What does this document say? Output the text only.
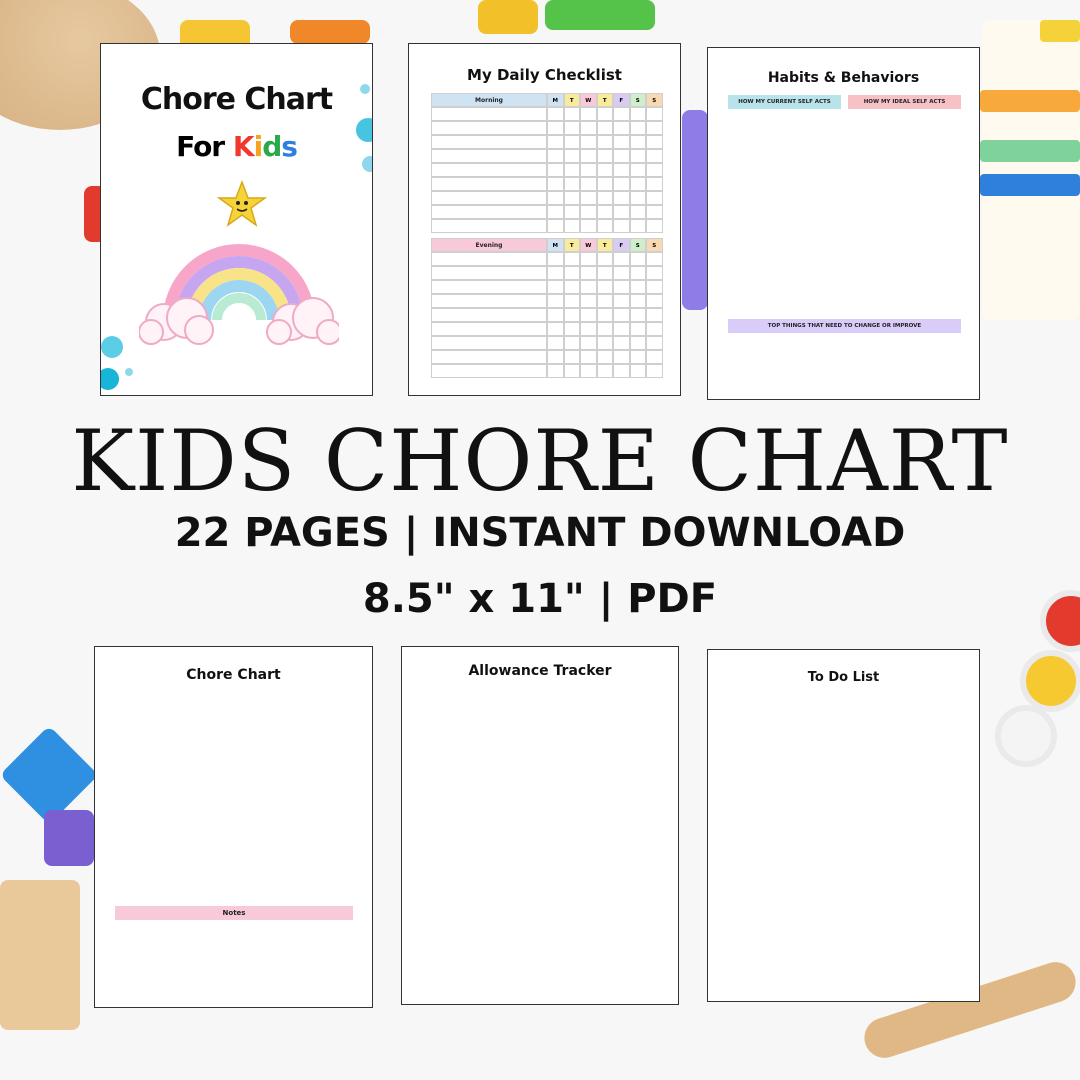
Chore Chart
For Kids
My Daily Checklist
Morning	M	T	W	T	F	S	S
Evening	M	T	W	T	F	S	S
Habits & Behaviors
HOW MY CURRENT SELF ACTS	HOW MY IDEAL SELF ACTS
TOP THINGS THAT NEED TO CHANGE OR IMPROVE
KIDS CHORE CHART
22 PAGES | INSTANT DOWNLOAD
8.5" x 11" | PDF
Chore Chart
Notes
Allowance Tracker	To Do List
